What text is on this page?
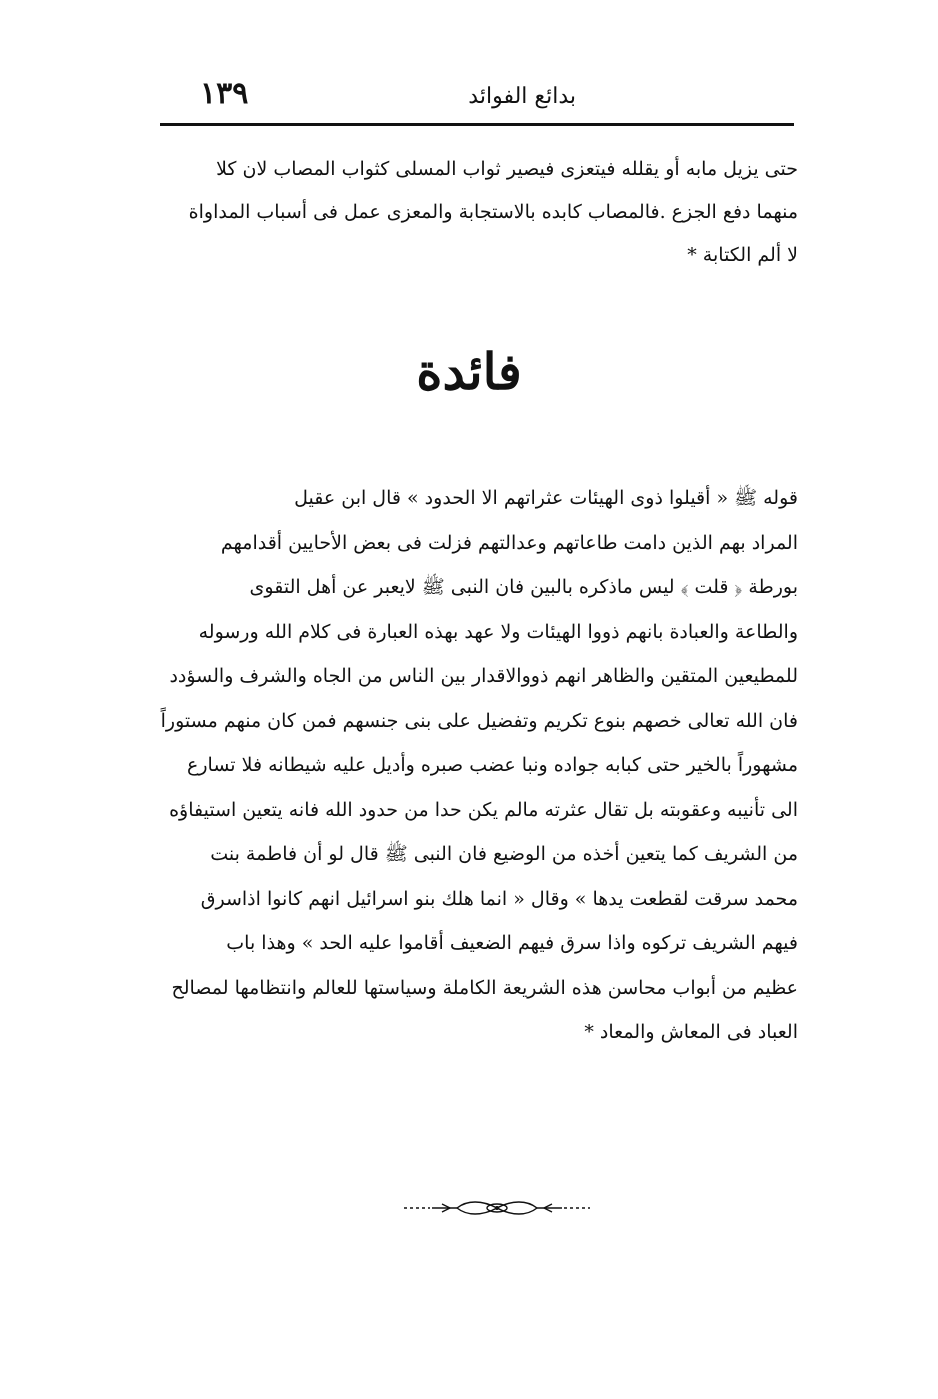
بدائع الفوائد
١٣٩
حتى يزيل مابه أو يقلله فيتعزى فيصير ثواب المسلى كثواب المصاب لان كلا
منهما دفع الجزع .فالمصاب كابده بالاستجابة والمعزى عمل فى أسباب المداواة
لا ألم الكتابة *
فائدة
قوله ﷺ « أقيلوا ذوى الهيئات عثراتهم الا الحدود » قال ابن عقيل
المراد بهم الذين دامت طاعاتهم وعدالتهم فزلت فى بعض الأحايين أقدامهم
بورطة ﴿ قلت ﴾ ليس ماذكره بالبين فان النبى ﷺ لايعبر عن أهل التقوى
والطاعة والعبادة بانهم ذووا الهيئات ولا عهد بهذه العبارة فى كلام الله ورسوله
للمطيعين المتقين والظاهر انهم ذووالاقدار بين الناس من الجاه والشرف والسؤدد
فان الله تعالى خصهم بنوع تكريم وتفضيل على بنى جنسهم فمن كان منهم مستوراً
مشهوراً بالخير حتى كبابه جواده ونبا عضب صبره وأديل عليه شيطانه فلا تسارع
الى تأنيبه وعقوبته بل تقال عثرته مالم يكن حدا من حدود الله فانه يتعين استيفاؤه
من الشريف كما يتعين أخذه من الوضيع فان النبى ﷺ قال لو أن فاطمة بنت
محمد سرقت لقطعت يدها » وقال « انما هلك بنو اسرائيل انهم كانوا اذاسرق
فيهم الشريف تركوه واذا سرق فيهم الضعيف أقاموا عليه الحد » وهذا باب
عظيم من أبواب محاسن هذه الشريعة الكاملة وسياستها للعالم وانتظامها لمصالح
العباد فى المعاش والمعاد *
